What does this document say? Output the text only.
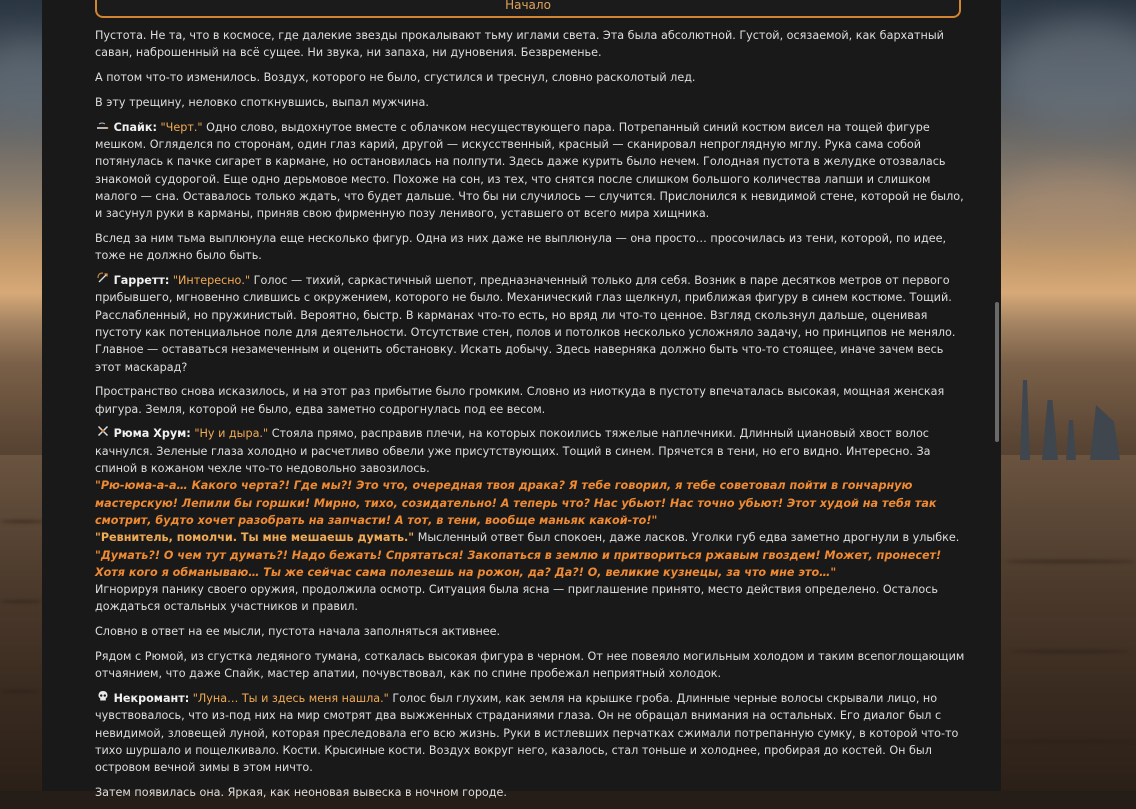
Начало

Пустота. Не та, что в космосе, где далекие звезды прокалывают тьму иглами света. Эта была абсолютной. Густой, осязаемой, как бархатный саван, наброшенный на всё сущее. Ни звука, ни запаха, ни дуновения. Безвременье.

А потом что-то изменилось. Воздух, которого не было, сгустился и треснул, словно расколотый лед.

В эту трещину, неловко споткнувшись, выпал мужчина.

Спайк: "Черт." Одно слово, выдохнутое вместе с облачком несуществующего пара. Потрепанный синий костюм висел на тощей фигуре мешком. Огляделся по сторонам, один глаз карий, другой — искусственный, красный — сканировал непроглядную мглу. Рука сама собой потянулась к пачке сигарет в кармане, но остановилась на полпути. Здесь даже курить было нечем. Голодная пустота в желудке отозвалась знакомой судорогой. Еще одно дерьмовое место. Похоже на сон, из тех, что снятся после слишком большого количества лапши и слишком малого — сна. Оставалось только ждать, что будет дальше. Что бы ни случилось — случится. Прислонился к невидимой стене, которой не было, и засунул руки в карманы, приняв свою фирменную позу ленивого, уставшего от всего мира хищника.

Вслед за ним тьма выплюнула еще несколько фигур. Одна из них даже не выплюнула — она просто… просочилась из тени, которой, по идее, тоже не должно было быть.

Гарретт: "Интересно." Голос — тихий, саркастичный шепот, предназначенный только для себя. Возник в паре десятков метров от первого прибывшего, мгновенно слившись с окружением, которого не было. Механический глаз щелкнул, приближая фигуру в синем костюме. Тощий. Расслабленный, но пружинистый. Вероятно, быстр. В карманах что-то есть, но вряд ли что-то ценное. Взгляд скользнул дальше, оценивая пустоту как потенциальное поле для деятельности. Отсутствие стен, полов и потолков несколько усложняло задачу, но принципов не меняло. Главное — оставаться незамеченным и оценить обстановку. Искать добычу. Здесь наверняка должно быть что-то стоящее, иначе зачем весь этот маскарад?

Пространство снова исказилось, и на этот раз прибытие было громким. Словно из ниоткуда в пустоту впечаталась высокая, мощная женская фигура. Земля, которой не было, едва заметно содрогнулась под ее весом.

Рюма Хрум: "Ну и дыра." Стояла прямо, расправив плечи, на которых покоились тяжелые наплечники. Длинный циановый хвост волос качнулся. Зеленые глаза холодно и расчетливо обвели уже присутствующих. Тощий в синем. Прячется в тени, но его видно. Интересно. За спиной в кожаном чехле что-то недовольно завозилось.
"Рю-юма-а-а… Какого черта?! Где мы?! Это что, очередная твоя драка? Я тебе говорил, я тебе советовал пойти в гончарную мастерскую! Лепили бы горшки! Мирно, тихо, созидательно! А теперь что? Нас убьют! Нас точно убьют! Этот худой на тебя так смотрит, будто хочет разобрать на запчасти! А тот, в тени, вообще маньяк какой-то!"
"Ревнитель, помолчи. Ты мне мешаешь думать." Мысленный ответ был спокоен, даже ласков. Уголки губ едва заметно дрогнули в улыбке.
"Думать?! О чем тут думать?! Надо бежать! Спрятаться! Закопаться в землю и притвориться ржавым гвоздем! Может, пронесет! Хотя кого я обманываю… Ты же сейчас сама полезешь на рожон, да? Да?! О, великие кузнецы, за что мне это…"
Игнорируя панику своего оружия, продолжила осмотр. Ситуация была ясна — приглашение принято, место действия определено. Осталось дождаться остальных участников и правил.

Словно в ответ на ее мысли, пустота начала заполняться активнее.

Рядом с Рюмой, из сгустка ледяного тумана, соткалась высокая фигура в черном. От нее повеяло могильным холодом и таким всепоглощающим отчаянием, что даже Спайк, мастер апатии, почувствовал, как по спине пробежал неприятный холодок.

Некромант: "Луна… Ты и здесь меня нашла." Голос был глухим, как земля на крышке гроба. Длинные черные волосы скрывали лицо, но чувствовалось, что из-под них на мир смотрят два выжженных страданиями глаза. Он не обращал внимания на остальных. Его диалог был с невидимой, зловещей луной, которая преследовала его всю жизнь. Руки в истлевших перчатках сжимали потрепанную сумку, в которой что-то тихо шуршало и пощелкивало. Кости. Крысиные кости. Воздух вокруг него, казалось, стал тоньше и холоднее, пробирая до костей. Он был островом вечной зимы в этом ничто.

Затем появилась она. Яркая, как неоновая вывеска в ночном городе.
